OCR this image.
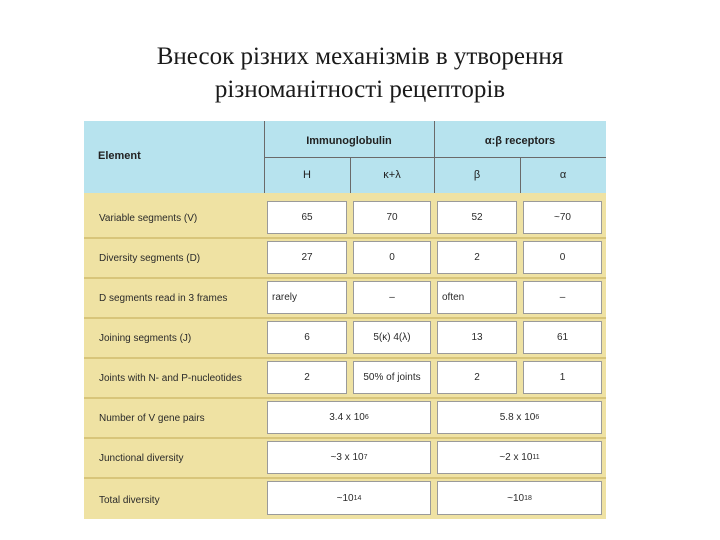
Внесок різних механізмів в утворення
різноманітності рецепторів
Element
Immunoglobulin	α:β receptors
H	κ+λ	β	α
Variable segments (V)	65	70	52	~70
Diversity segments (D)	27	0	2	0
D segments read in 3 frames	rarely	–	often	–
Joining segments (J)	6	5(κ) 4(λ)	13	61
Joints with N- and P-nucleotides	2	50% of joints	2	1
Number of V gene pairs	3.4 x 10 6	5.8 x 10 6
Junctional diversity	~3 x 10 7	~2 x 10 11
Total diversity	~10 14	~10 18
